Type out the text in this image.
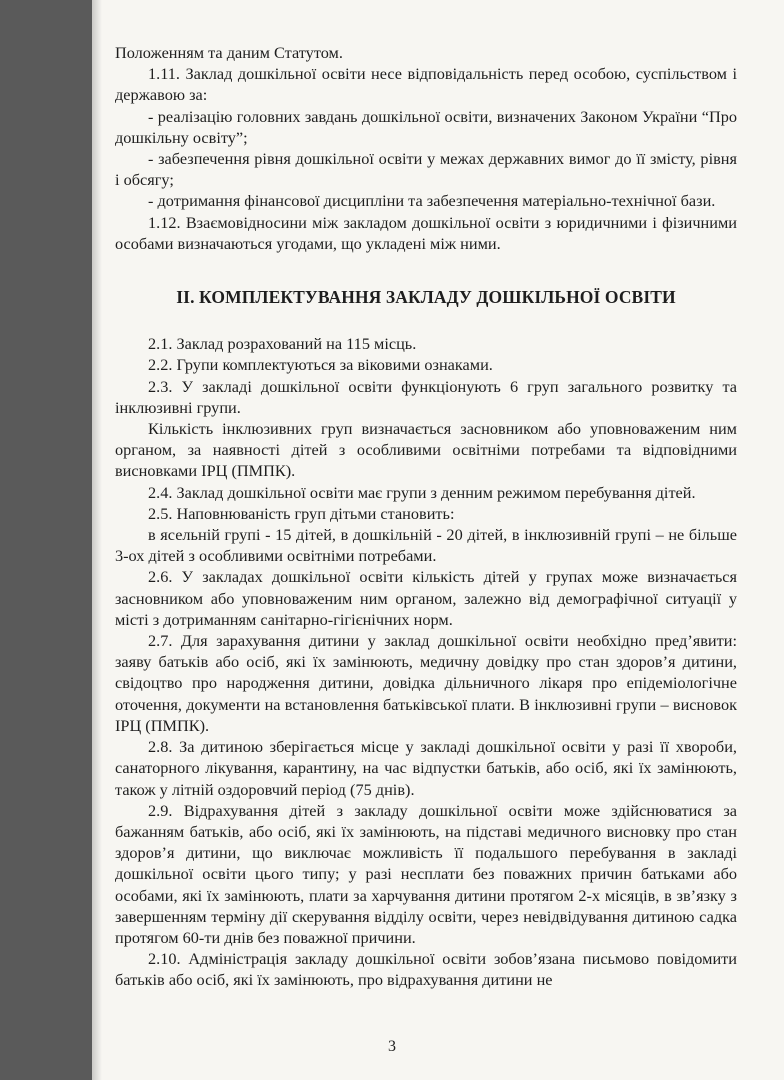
Положенням та даним Статутом.

1.11. Заклад дошкільної освіти несе відповідальність перед особою, суспільством і державою за:

- реалізацію головних завдань дошкільної освіти, визначених Законом України “Про дошкільну освіту”;

- забезпечення рівня дошкільної освіти у межах державних вимог до її змісту, рівня і обсягу;

- дотримання фінансової дисципліни та забезпечення матеріально-технічної бази.

1.12. Взаємовідносини між закладом дошкільної освіти з юридичними і фізичними особами визначаються угодами, що укладені між ними.

ІІ. КОМПЛЕКТУВАННЯ ЗАКЛАДУ ДОШКІЛЬНОЇ ОСВІТИ

2.1. Заклад розрахований на 115 місць.

2.2. Групи комплектуються за віковими ознаками.

2.3. У закладі дошкільної освіти функціонують 6 груп загального розвитку та інклюзивні групи.

Кількість інклюзивних груп визначається засновником або уповноваженим ним органом, за наявності дітей з особливими освітніми потребами та відповідними висновками ІРЦ (ПМПК).

2.4. Заклад дошкільної освіти має групи з денним режимом перебування дітей.

2.5. Наповнюваність груп дітьми становить:

в ясельній групі - 15 дітей, в дошкільній - 20 дітей, в інклюзивній групі – не більше 3-ох дітей з особливими освітніми потребами.

2.6. У закладах дошкільної освіти кількість дітей у групах може визначається засновником або уповноваженим ним органом, залежно від демографічної ситуації у місті з дотриманням санітарно-гігієнічних норм.

2.7. Для зарахування дитини у заклад дошкільної освіти необхідно пред’явити: заяву батьків або осіб, які їх замінюють, медичну довідку про стан здоров’я дитини, свідоцтво про народження дитини, довідка дільничного лікаря про епідеміологічне оточення, документи на встановлення батьківської плати. В інклюзивні групи – висновок ІРЦ (ПМПК).

2.8. За дитиною зберігається місце у закладі дошкільної освіти у разі її хвороби, санаторного лікування, карантину, на час відпустки батьків, або осіб, які їх замінюють, також у літній оздоровчий період (75 днів).

2.9. Відрахування дітей з закладу дошкільної освіти може здійснюватися за бажанням батьків, або осіб, які їх замінюють, на підставі медичного висновку про стан здоров’я дитини, що виключає можливість її подальшого перебування в закладі дошкільної освіти цього типу; у разі несплати без поважних причин батьками або особами, які їх замінюють, плати за харчування дитини протягом 2-х місяців, в зв’язку з завершенням терміну дії скерування відділу освіти, через невідвідування дитиною садка протягом 60-ти днів без поважної причини.

2.10. Адміністрація закладу дошкільної освіти зобов’язана письмово повідомити батьків або осіб, які їх замінюють, про відрахування дитини не

3
